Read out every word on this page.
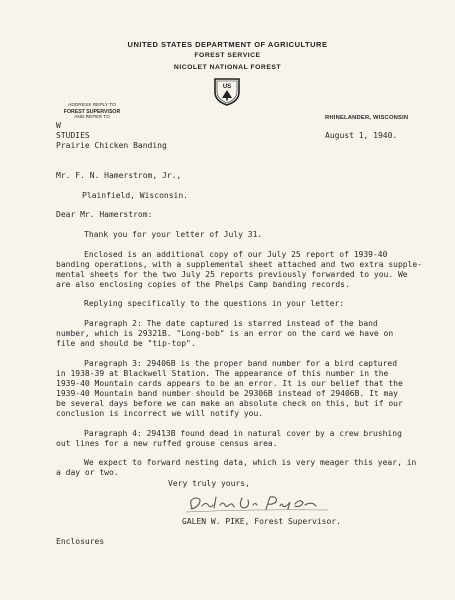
UNITED STATES DEPARTMENT OF AGRICULTURE
FOREST SERVICE
NICOLET NATIONAL FOREST
US
ADDRESS REPLY TO
FOREST SUPERVISOR
AND REFER TO	RHINELANDER, WISCONSIN
W
STUDIES
Prairie Chicken Banding
August 1, 1940.
Mr. F. N. Hamerstrom, Jr.,
Plainfield, Wisconsin.
Dear Mr. Hamerstrom:
Thank you for your letter of July 31.
Enclosed is an additional copy of our July 25 report of 1939-40
banding operations, with a supplemental sheet attached and two extra supple-
mental sheets for the two July 25 reports previously forwarded to you. We
are also enclosing copies of the Phelps Camp banding records.
Replying specifically to the questions in your letter:
Paragraph 2: The date captured is starred instead of the band
number, which is 29321B. "Long-bob" is an error on the card we have on
file and should be "tip-top".
Paragraph 3: 29406B is the proper band number for a bird captured
in 1938-39 at Blackwell Station. The appearance of this number in the
1939-40 Mountain cards appears to be an error. It is our belief that the
1939-40 Mountain band number should be 29306B instead of 29406B. It may
be several days before we can make an absolute check on this, but if our
conclusion is incorrect we will notify you.
Paragraph 4: 29413B found dead in natural cover by a crew brushing
out lines for a new ruffed grouse census area.
We expect to forward nesting data, which is very meager this year, in
a day or two.
Very truly yours,
GALEN W. PIKE, Forest Supervisor.
Enclosures
